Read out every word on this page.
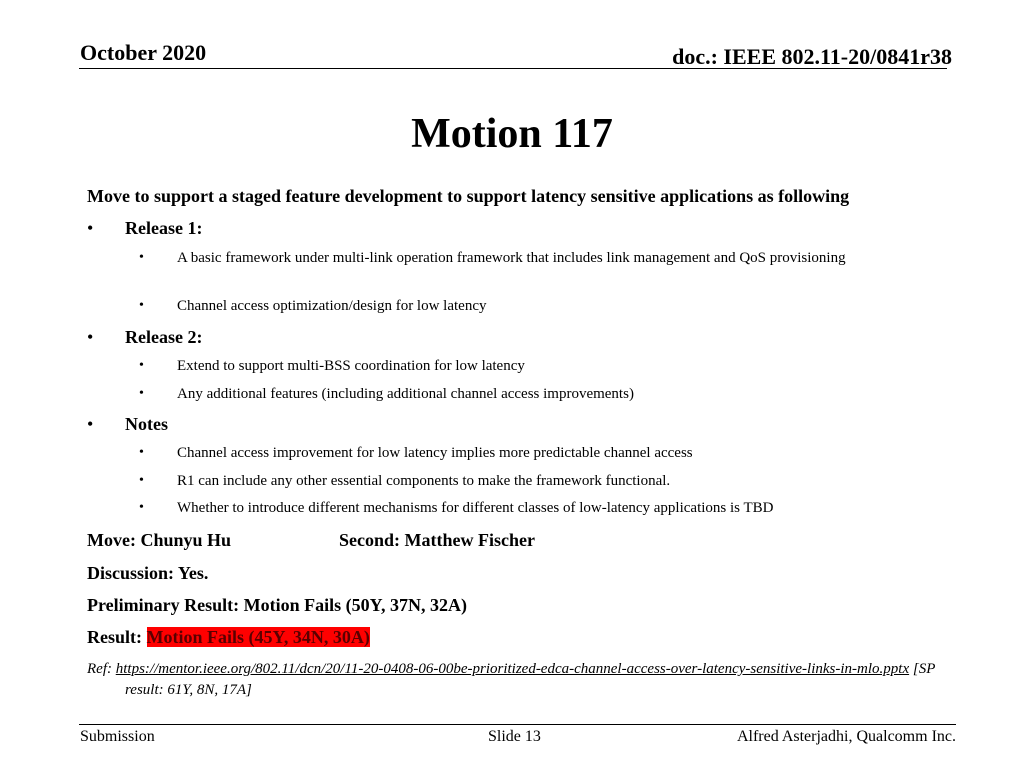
October 2020	doc.: IEEE 802.11-20/0841r38
Motion 117
Move to support a staged feature development to support latency sensitive applications as following
• Release 1:
• A basic framework under multi-link operation framework that includes link management and QoS provisioning
• Channel access optimization/design for low latency
• Release 2:
• Extend to support multi-BSS coordination for low latency
• Any additional features (including additional channel access improvements)
• Notes
• Channel access improvement for low latency implies more predictable channel access
• R1 can include any other essential components to make the framework functional.
• Whether to introduce different mechanisms for different classes of low-latency applications is TBD
Move: Chunyu Hu	Second: Matthew Fischer
Discussion: Yes.
Preliminary Result: Motion Fails (50Y, 37N, 32A)
Result: Motion Fails (45Y, 34N, 30A)
Ref: https://mentor.ieee.org/802.11/dcn/20/11-20-0408-06-00be-prioritized-edca-channel-access-over-latency-sensitive-links-in-mlo.pptx [SP result: 61Y, 8N, 17A]
Submission	Slide 13	Alfred Asterjadhi, Qualcomm Inc.
